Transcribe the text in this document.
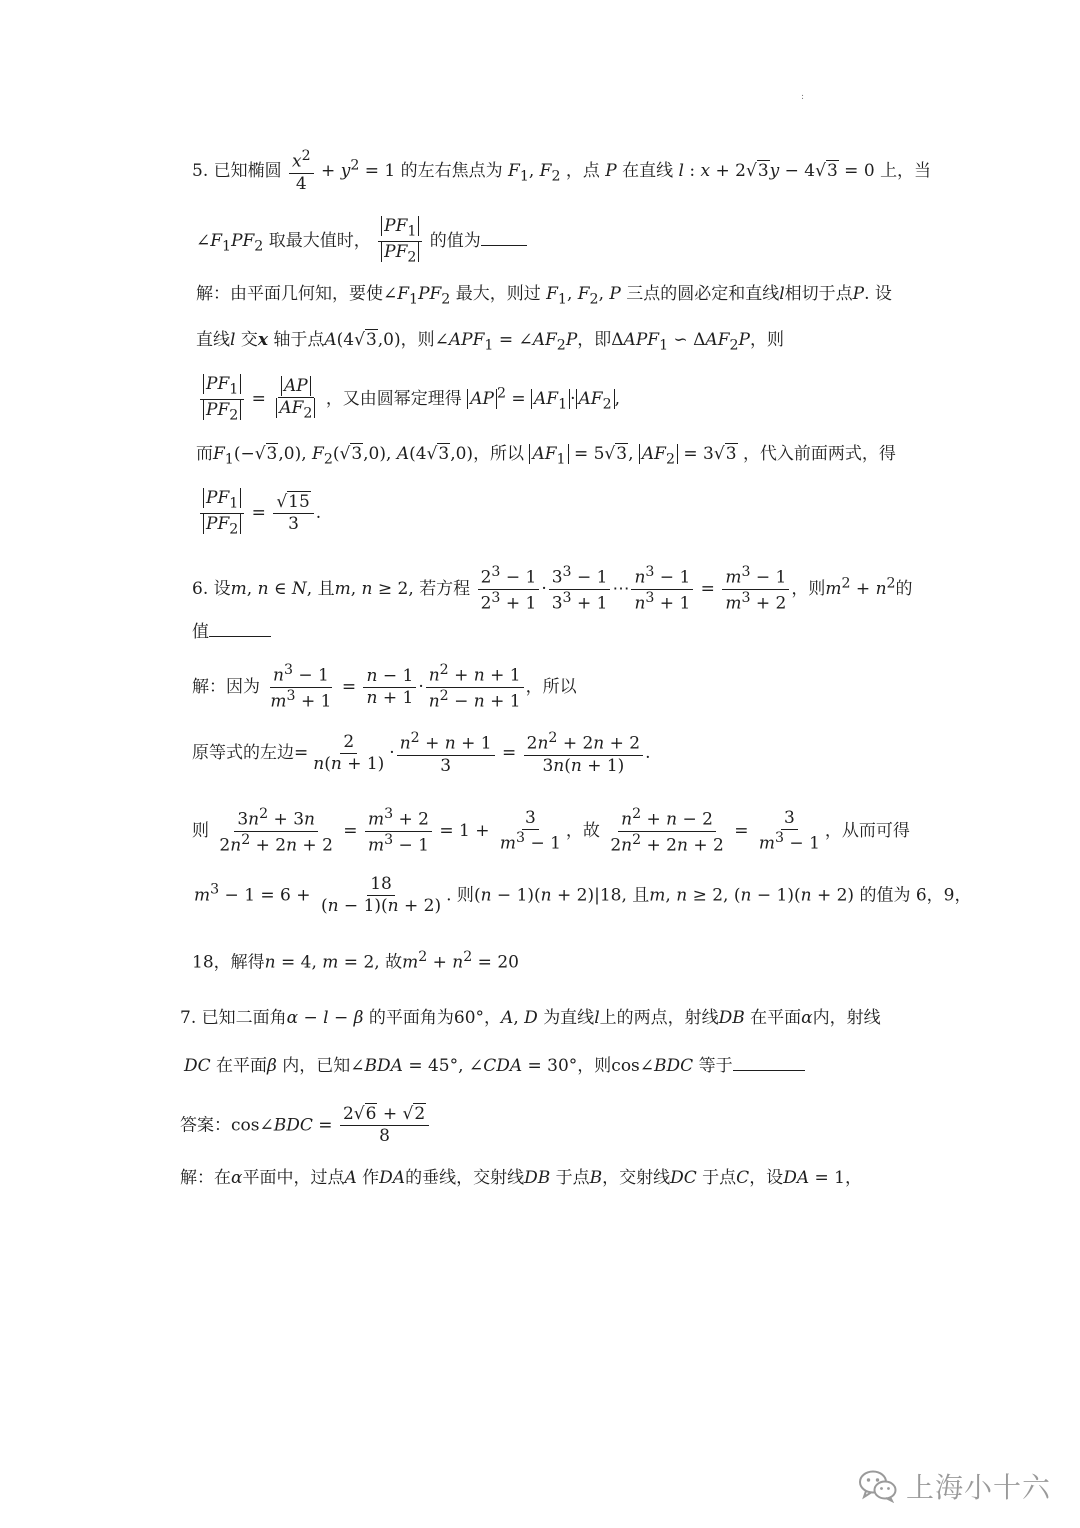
:
5. 已知椭圆 $\frac{x^2}{4} + y^2 = 1$ 的左右焦点为 $F_1$, $F_2$ ，点 P 在直线 l : x + 2√3y − 4√3 = 0 上，当
$\angle F_1PF_2$ 取最大值时， $\frac{PF_1}{PF_2}$ 的值为
解：由平面几何知，要使$\angle F_1PF_2$ 最大，则过 $F_1$, $F_2$, P 三点的圆必定和直线l相切于点P. 设
直线l 交x 轴于点A(4√3,0)，则$\angle APF_1$ = $\angle AF_2P$，即$\Delta APF_1$ ∽ $\Delta AF_2P$，则
$\frac{PF_1}{PF_2} = \frac{AP}{AF_2}$ ，又由圆幂定理得 AP $^2 = AF_1 \cdot AF_2$ ,
而$F_1(-√3,0)$, $F_2(√3,0)$, A(4√3,0)，所以 $AF_1 = 5√3$, $AF_2 = 3√3$ ，代入前面两式，得
$\frac{PF_1}{PF_2} = \frac{√15}{3}$ .
6. 设m, n ∈ N, 且m, n ≥ 2, 若方程 $\frac{2^3 - 1}{2^3 + 1} \cdot \frac{3^3 - 1}{3^3 + 1}$ ⋯ $\frac{n^3 - 1}{n^3 + 1} = \frac{m^3 - 1}{m^3 + 2}$ ，则$m^2 + n^2$的
值
解：因为 $\frac{n^3 - 1}{m^3 + 1} = \frac{n - 1}{n + 1} \cdot \frac{n^2 + n + 1}{n^2 - n + 1}$ ，所以
原等式的左边= $\frac{2}{n(n + 1)} \cdot \frac{n^2 + n + 1}{3} = \frac{2n^2 + 2n + 2}{3n(n + 1)}$ .
则 $\frac{3n^2 + 3n}{2n^2 + 2n + 2} = \frac{m^3 + 2}{m^3 - 1} = 1 + \frac{3}{m^3 - 1}$ ，故 $\frac{n^2 + n - 2}{2n^2 + 2n + 2} = \frac{3}{m^3 - 1}$ ，从而可得
$m^3 - 1 = 6 + \frac{18}{(n - 1)(n + 2)}$ . 则(n − 1)(n + 2)|18, 且m, n ≥ 2, (n − 1)(n + 2) 的值为 6，9，
18，解得n = 4, m = 2, 故$m^2 + n^2 = 20$
7. 已知二面角α − l − β 的平面角为60°，A, D 为直线l上的两点，射线DB 在平面α内，射线
DC 在平面β 内，已知∠BDA = 45°, ∠CDA = 30°，则cos∠BDC 等于
答案：cos∠BDC = $\frac{2√6 + √2}{8}$
解：在α平面中，过点A 作DA的垂线，交射线DB 于点B，交射线DC 于点C，设DA = 1，
上海小十六
